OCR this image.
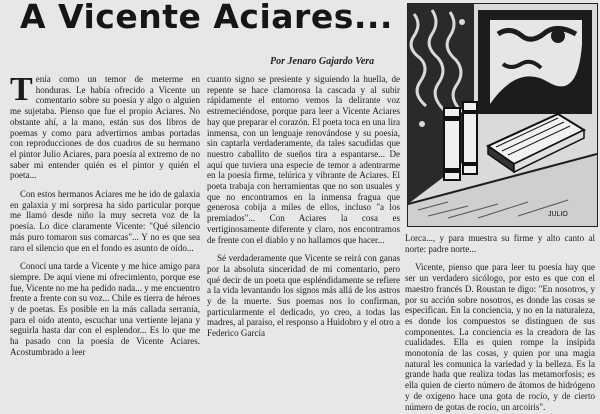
A Vicente Aciares...
Por Jenaro Gajardo Vera

Tenía como un temor de meterme en honduras. Le había ofrecido a Vicente un comentario sobre su poesía y algo o alguien me sujetaba. Pienso que fue el propio Aciares. No obstante ahí, a la mano, están sus dos libros de poemas y como para advertirnos ambas portadas con reproducciones de dos cuadros de su hermano el pintor Julio Aciares, para poesía al extremo de no saber mi entender quién es el pintor y quién el poeta...

Con estos hermanos Aciares me he ido de galaxia en galaxia y mi sorpresa ha sido particular porque me llamó desde niño la muy secreta voz de la poesía. Lo dice claramente Vicente: "Qué silencio más puro tomaron sus comarcas"... Y no es que sea raro el silencio que en el fondo es asunto de oído...

Conocí una tarde a Vicente y me hice amigo para siempre. De aquí viene mi ofrecimiento, porque ese fue, Vicente no me ha pedido nada... y me encuentro frente a frente con su voz... Chile es tierra de héroes y de poetas. Es posible en la más callada serranía, para el oído atento, escuchar una vertiente lejana y seguirla hasta dar con el esplendor... Es lo que me ha pasado con la poesía de Vicente Aciares. Acostumbrado a leer

cuanto signo se presiente y siguiendo la huella, de repente se hace clamorosa la cascada y al subir rápidamente el entorno vemos la delirante voz estremeciéndose, porque para leer a Vicente Aciares hay que preparar el corazón. El poeta toca en una lira inmensa, con un lenguaje renovándose y su poesía, sin captarla verdaderamente, da tales sacudidas que nuestro caballito de sueños tira a espantarse... De aquí que tuviera una especie de temor a adentrarme en la poesía firme, telúrica y vibrante de Aciares. El poeta trabaja con herramientas que no son usuales y que no encontramos en la inmensa fragua que generosa cobija a miles de ellos, incluso "a los premiados"... Con Aciares la cosa es vertiginosamente diferente y claro, nos encontramos de frente con el diablo y no hallamos que hacer...

Sé verdaderamente que Vicente se reirá con ganas por la absoluta sinceridad de mi comentario, pero qué decir de un poeta que espléndidamente se refiere a la vida levantando los signos más allá de los astros y de la muerte. Sus poemas nos lo confirman, particularmente el dedicado, yo creo, a todas las madres, al paraíso, el responso a Huidobro y el otro a Federico García

JULIO

Lorca..., y para muestra su firme y alto canto al norte: padre norte...

Vicente, pienso que para leer tu poesía hay que ser un verdadero sicólogo, por esto es que con el maestro francés D. Roustan te digo: "En nosotros, y por su acción sobre nosotros, es donde las cosas se especifican. En la conciencia, y no en la naturaleza, es donde los compuestos se distinguen de sus componentes. La conciencia es la creadora de las cualidades. Ella es quien rompe la insípida monotonía de las cosas, y quien por una magia natural les comunica la variedad y la belleza. Es la grande hada que realiza todas las metamorfosis; es ella quien de cierto número de átomos de hidrógeno y de oxígeno hace una gota de rocío, y de cierto número de gotas de rocío, un arcoiris".
